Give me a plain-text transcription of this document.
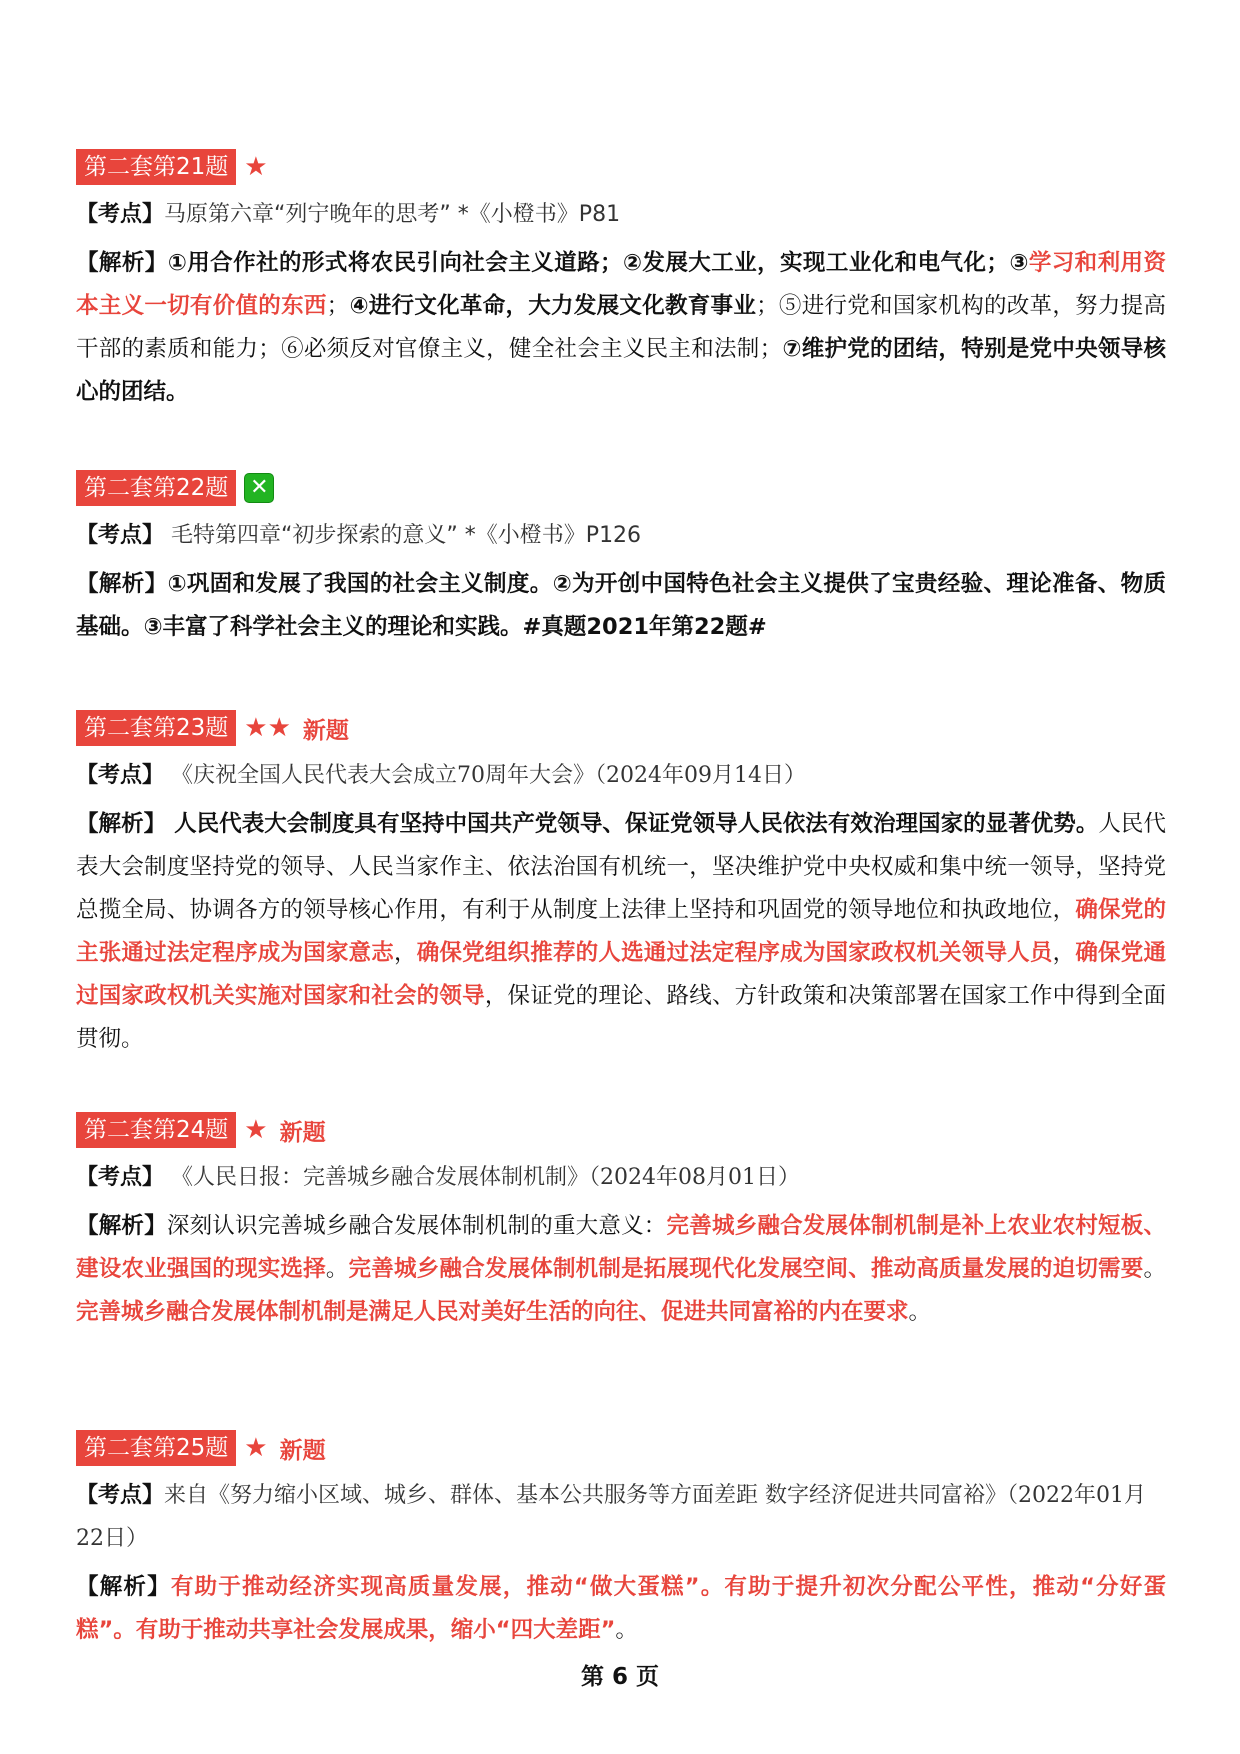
第二套第21题 ★
【考点】马原第六章“列宁晚年的思考” *《小橙书》P81
【解析】①用合作社的形式将农民引向社会主义道路；②发展大工业，实现工业化和电气化；③学习和利用资本主义一切有价值的东西；④进行文化革命，大力发展文化教育事业；⑤进行党和国家机构的改革，努力提高干部的素质和能力；⑥必须反对官僚主义，健全社会主义民主和法制；⑦维护党的团结，特别是党中央领导核心的团结。
第二套第22题 ✕
【考点】 毛特第四章“初步探索的意义” *《小橙书》P126
【解析】①巩固和发展了我国的社会主义制度。②为开创中国特色社会主义提供了宝贵经验、理论准备、物质基础。③丰富了科学社会主义的理论和实践。#真题2021年第22题#
第二套第23题 ★★ 新题
【考点】 《庆祝全国人民代表大会成立70周年大会》（2024年09月14日）
【解析】 人民代表大会制度具有坚持中国共产党领导、保证党领导人民依法有效治理国家的显著优势。人民代表大会制度坚持党的领导、人民当家作主、依法治国有机统一，坚决维护党中央权威和集中统一领导，坚持党总揽全局、协调各方的领导核心作用，有利于从制度上法律上坚持和巩固党的领导地位和执政地位，确保党的主张通过法定程序成为国家意志，确保党组织推荐的人选通过法定程序成为国家政权机关领导人员，确保党通过国家政权机关实施对国家和社会的领导，保证党的理论、路线、方针政策和决策部署在国家工作中得到全面贯彻。
第二套第24题 ★ 新题
【考点】 《人民日报：完善城乡融合发展体制机制》（2024年08月01日）
【解析】深刻认识完善城乡融合发展体制机制的重大意义：完善城乡融合发展体制机制是补上农业农村短板、建设农业强国的现实选择。完善城乡融合发展体制机制是拓展现代化发展空间、推动高质量发展的迫切需要。完善城乡融合发展体制机制是满足人民对美好生活的向往、促进共同富裕的内在要求。
第二套第25题 ★ 新题
【考点】来自《努力缩小区域、城乡、群体、基本公共服务等方面差距 数字经济促进共同富裕》（2022年01月22日）
【解析】有助于推动经济实现高质量发展，推动“做大蛋糕”。有助于提升初次分配公平性，推动“分好蛋糕”。有助于推动共享社会发展成果，缩小“四大差距”。
第 6 页
